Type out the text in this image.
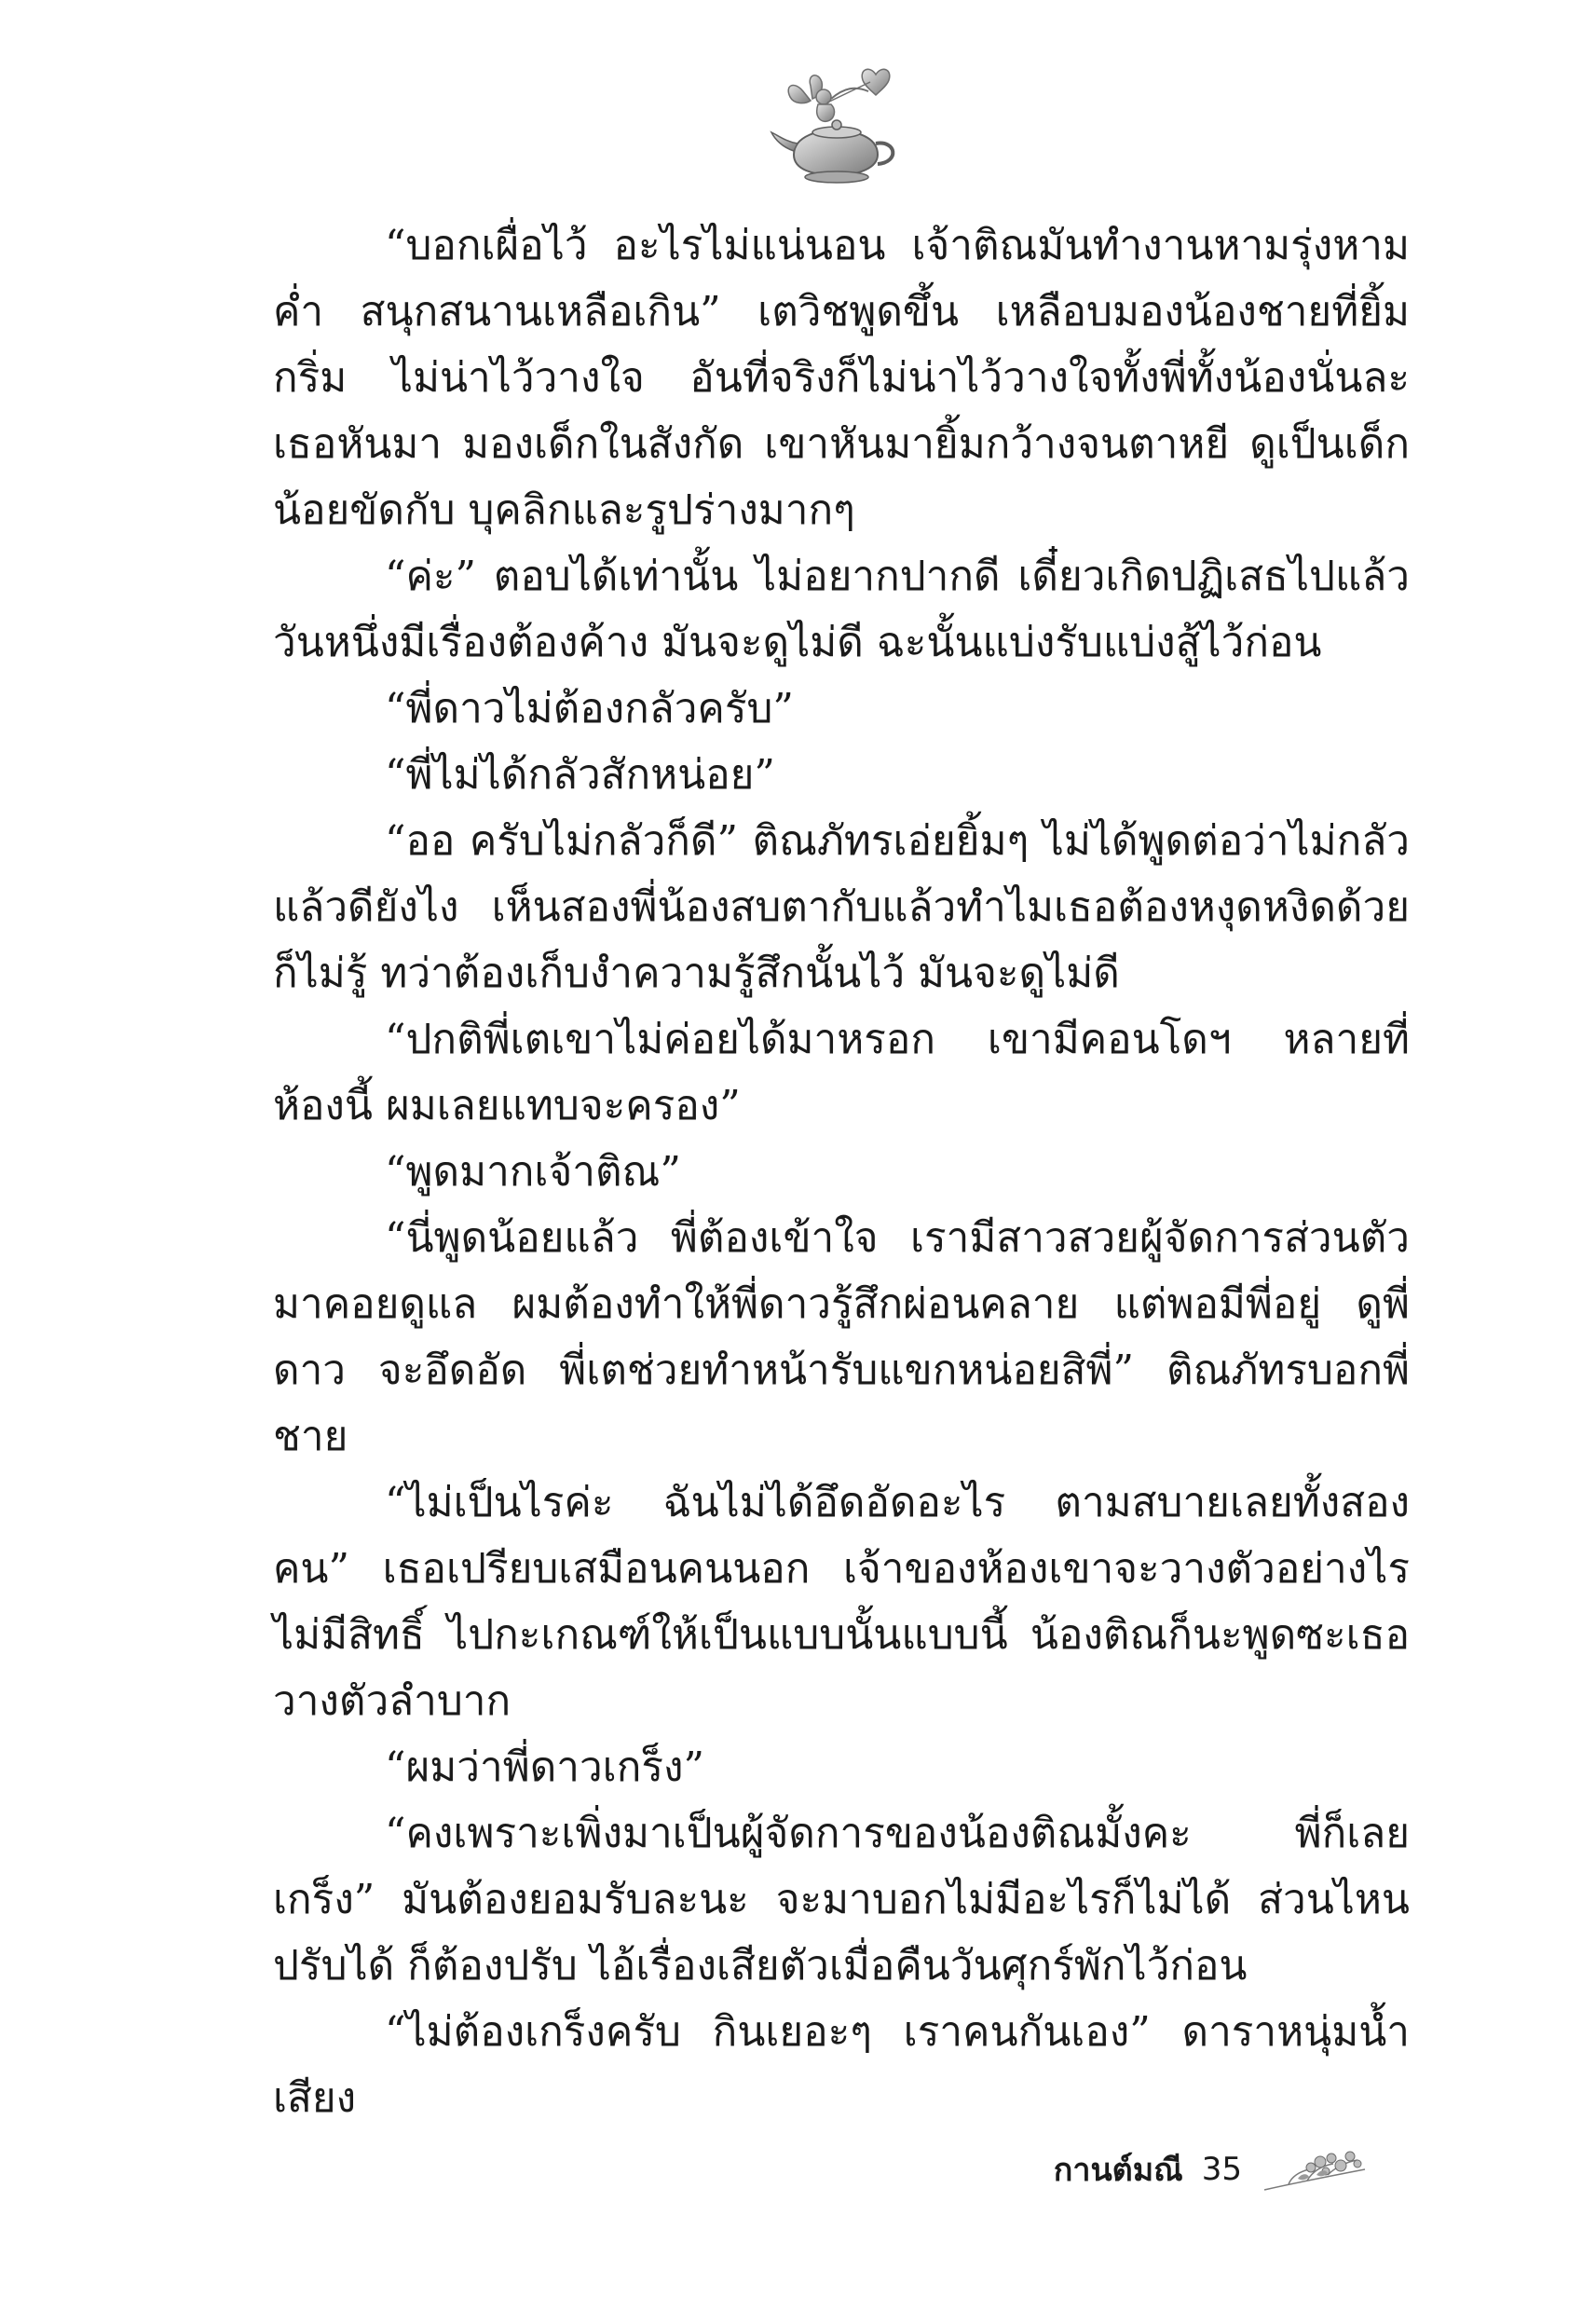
“บอกเผื่อไว้ อะไรไม่แน่นอน เจ้าติณมันทำงานหามรุ่งหามค่ำ สนุกสนานเหลือเกิน” เตวิชพูดขึ้น เหลือบมองน้องชายที่ยิ้มกริ่ม ไม่น่าไว้วางใจ อันที่จริงก็ไม่น่าไว้วางใจทั้งพี่ทั้งน้องนั่นละ เธอหันมา มองเด็กในสังกัด เขาหันมายิ้มกว้างจนตาหยี ดูเป็นเด็กน้อยขัดกับ บุคลิกและรูปร่างมากๆ

“ค่ะ” ตอบได้เท่านั้น ไม่อยากปากดี เดี๋ยวเกิดปฏิเสธไปแล้ว วันหนึ่งมีเรื่องต้องค้าง มันจะดูไม่ดี ฉะนั้นแบ่งรับแบ่งสู้ไว้ก่อน

“พี่ดาวไม่ต้องกลัวครับ”

“พี่ไม่ได้กลัวสักหน่อย”

“ออ ครับไม่กลัวก็ดี” ติณภัทรเอ่ยยิ้มๆ ไม่ได้พูดต่อว่าไม่กลัว แล้วดียังไง เห็นสองพี่น้องสบตากับแล้วทำไมเธอต้องหงุดหงิดด้วย ก็ไม่รู้ ทว่าต้องเก็บงำความรู้สึกนั้นไว้ มันจะดูไม่ดี

“ปกติพี่เตเขาไม่ค่อยได้มาหรอก เขามีคอนโดฯ หลายที่ ห้องนี้ ผมเลยแทบจะครอง”

“พูดมากเจ้าติณ”

“นี่พูดน้อยแล้ว พี่ต้องเข้าใจ เรามีสาวสวยผู้จัดการส่วนตัว มาคอยดูแล ผมต้องทำให้พี่ดาวรู้สึกผ่อนคลาย แต่พอมีพี่อยู่ ดูพี่ดาว จะอึดอัด พี่เตช่วยทำหน้ารับแขกหน่อยสิพี่” ติณภัทรบอกพี่ชาย

“ไม่เป็นไรค่ะ ฉันไม่ได้อึดอัดอะไร ตามสบายเลยทั้งสองคน” เธอเปรียบเสมือนคนนอก เจ้าของห้องเขาจะวางตัวอย่างไร ไม่มีสิทธิ์ ไปกะเกณฑ์ให้เป็นแบบนั้นแบบนี้ น้องติณก็นะพูดซะเธอวางตัวลำบาก

“ผมว่าพี่ดาวเกร็ง”

“คงเพราะเพิ่งมาเป็นผู้จัดการของน้องติณมั้งคะ พี่ก็เลยเกร็ง” มันต้องยอมรับละนะ จะมาบอกไม่มีอะไรก็ไม่ได้ ส่วนไหนปรับได้ ก็ต้องปรับ ไอ้เรื่องเสียตัวเมื่อคืนวันศุกร์พักไว้ก่อน

“ไม่ต้องเกร็งครับ กินเยอะๆ เราคนกันเอง” ดาราหนุ่มน้ำเสียง

กานต์มณี 35
